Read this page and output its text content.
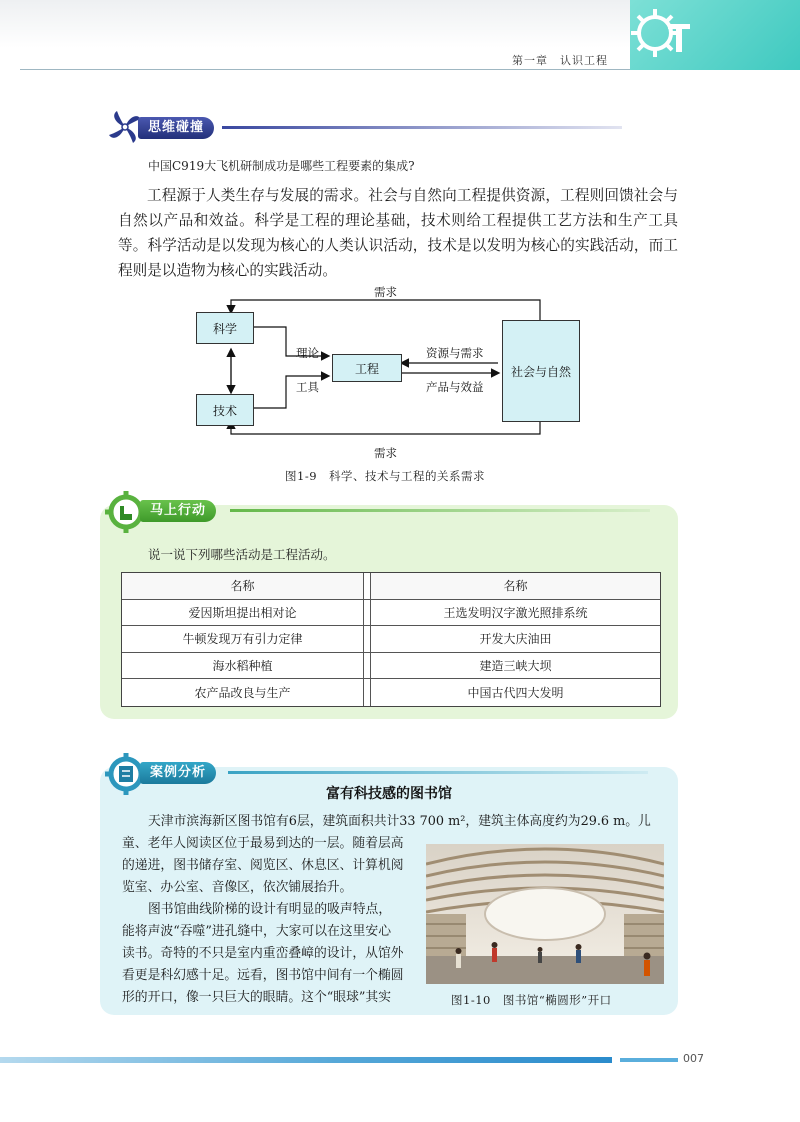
第一章　认识工程
思维碰撞
中国C919大飞机研制成功是哪些工程要素的集成?
工程源于人类生存与发展的需求。社会与自然向工程提供资源，工程则回馈社会与自然以产品和效益。科学是工程的理论基础，技术则给工程提供工艺方法和生产工具等。科学活动是以发现为核心的人类认识活动，技术是以发明为核心的实践活动，而工程则是以造物为核心的实践活动。
科学
技术
工程	社会与自然
需求
需求
理论
工具
资源与需求
产品与效益
图1-9　科学、技术与工程的关系需求
马上行动
说一说下列哪些活动是工程活动。
名称		名称
爱因斯坦提出相对论		王选发明汉字激光照排系统
牛顿发现万有引力定律		开发大庆油田
海水稻种植		建造三峡大坝
农产品改良与生产		中国古代四大发明
案例分析
富有科技感的图书馆
天津市滨海新区图书馆有6层，建筑面积共计33 700 m²，建筑主体高度约为29.6 m。儿
童、老年人阅读区位于最易到达的一层。随着层高
的递进，图书储存室、阅览区、休息区、计算机阅
览室、办公室、音像区，依次铺展抬升。
图书馆曲线阶梯的设计有明显的吸声特点，
能将声波“吞噬”进孔缝中，大家可以在这里安心
读书。奇特的不只是室内重峦叠嶂的设计，从馆外
看更是科幻感十足。远看，图书馆中间有一个椭圆
形的开口，像一只巨大的眼睛。这个“眼球”其实	图1-10　图书馆“椭圆形”开口
007
